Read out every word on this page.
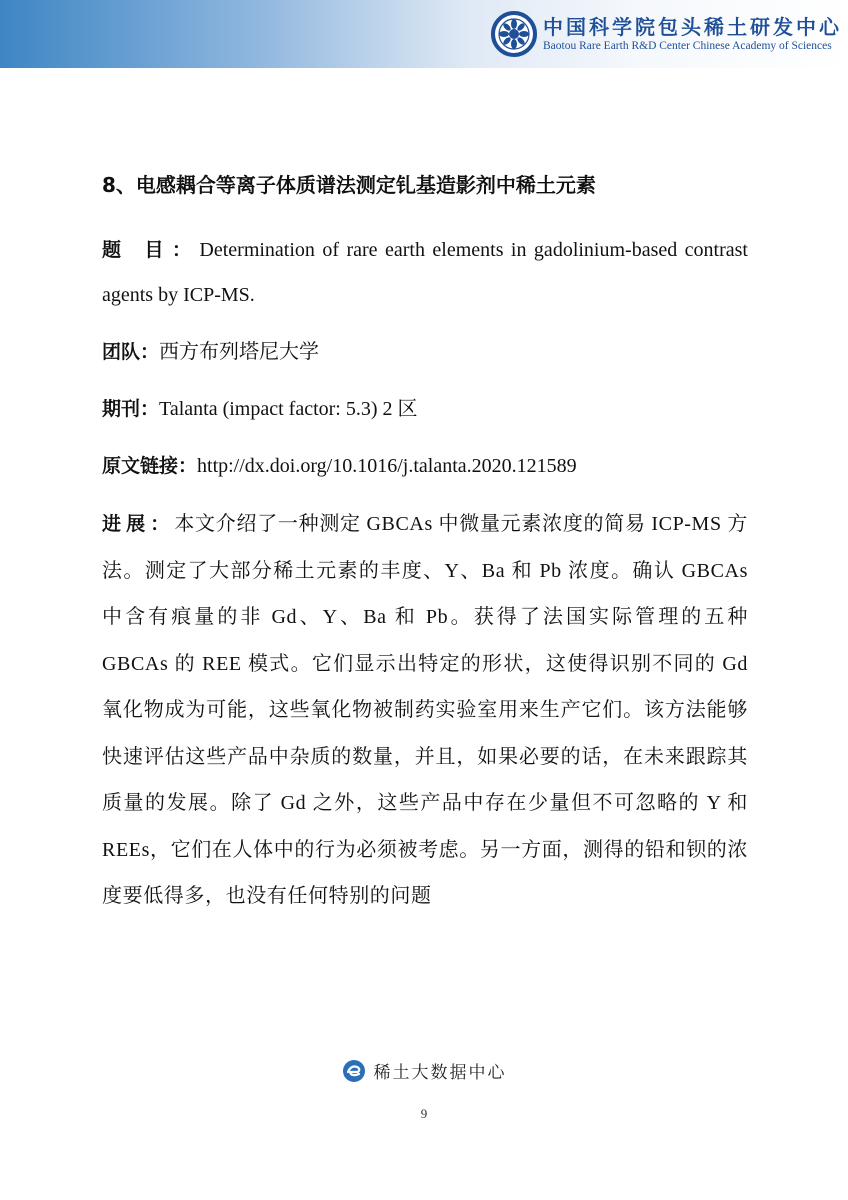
中国科学院包头稀土研发中心
Baotou Rare Earth R&D Center Chinese Academy of Sciences
8、电感耦合等离子体质谱法测定钆基造影剂中稀土元素

题 目：Determination of rare earth elements in gadolinium-based contrast agents by ICP-MS.

团队：西方布列塔尼大学

期刊：Talanta (impact factor: 5.3) 2 区

原文链接：http://dx.doi.org/10.1016/j.talanta.2020.121589

进展：本文介绍了一种测定 GBCAs 中微量元素浓度的简易 ICP-MS 方法。测定了大部分稀土元素的丰度、Y、Ba 和 Pb 浓度。确认 GBCAs 中含有痕量的非 Gd、Y、Ba 和 Pb。获得了法国实际管理的五种 GBCAs 的 REE 模式。它们显示出特定的形状，这使得识别不同的 Gd 氧化物成为可能，这些氧化物被制药实验室用来生产它们。该方法能够快速评估这些产品中杂质的数量，并且，如果必要的话，在未来跟踪其质量的发展。除了 Gd 之外，这些产品中存在少量但不可忽略的 Y 和 REEs，它们在人体中的行为必须被考虑。另一方面，测得的铅和钡的浓度要低得多，也没有任何特别的问题

稀土大数据中心
9
